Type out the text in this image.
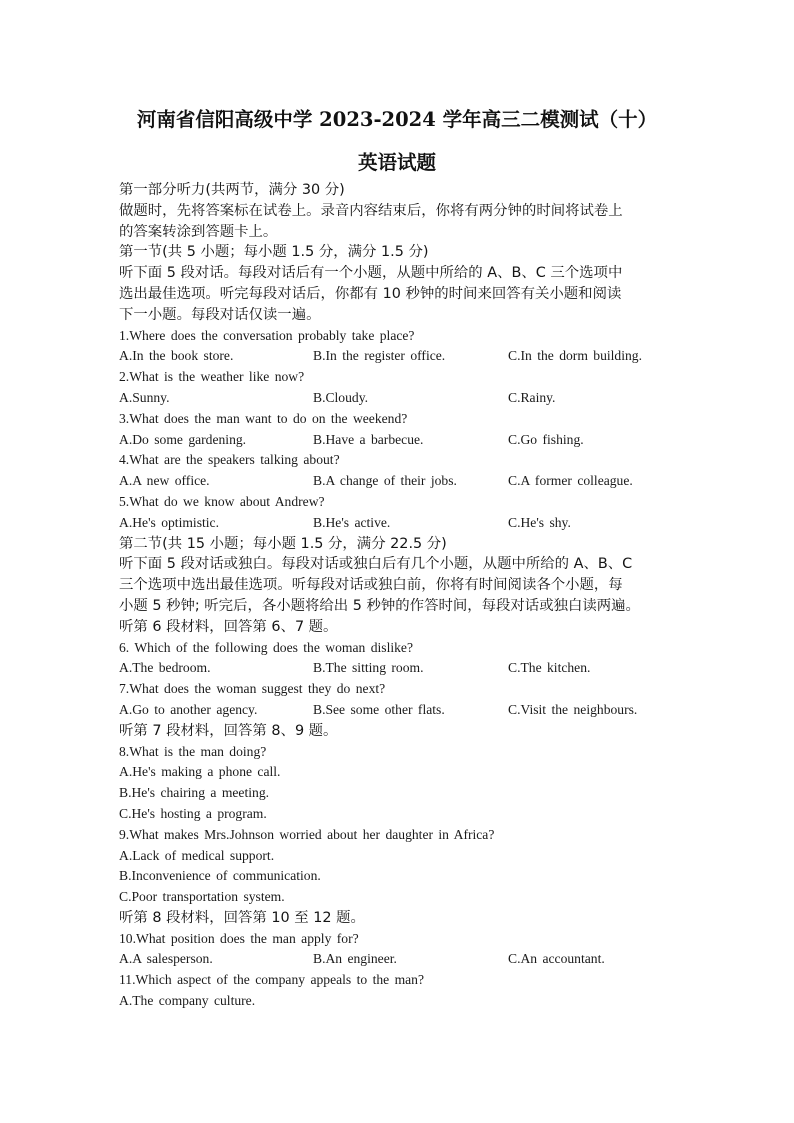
河南省信阳高级中学 2023-2024 学年高三二模测试（十）
英语试题
第一部分听力(共两节，满分 30 分)
做题时，先将答案标在试卷上。录音内容结束后，你将有两分钟的时间将试卷上
的答案转涂到答题卡上。
第一节(共 5 小题；每小题 1.5 分，满分 1.5 分)
听下面 5 段对话。每段对话后有一个小题，从题中所给的 A、B、C 三个选项中
选出最佳选项。听完每段对话后，你都有 10 秒钟的时间来回答有关小题和阅读
下一小题。每段对话仅读一遍。
1.Where does the conversation probably take place?
A.In the book store.	B.In the register office.	C.In the dorm building.
2.What is the weather like now?
A.Sunny.	B.Cloudy.	C.Rainy.
3.What does the man want to do on the weekend?
A.Do some gardening.	B.Have a barbecue.	C.Go fishing.
4.What are the speakers talking about?
A.A new office.	B.A change of their jobs.	C.A former colleague.
5.What do we know about Andrew?
A.He's optimistic.	B.He's active.	C.He's shy.
第二节(共 15 小题；每小题 1.5 分，满分 22.5 分)
听下面 5 段对话或独白。每段对话或独白后有几个小题，从题中所给的 A、B、C
三个选项中选出最佳选项。听每段对话或独白前，你将有时间阅读各个小题，每
小题 5 秒钟; 听完后，各小题将给出 5 秒钟的作答时间，每段对话或独白读两遍。
听第 6 段材料，回答第 6、7 题。
6. Which of the following does the woman dislike?
A.The bedroom.	B.The sitting room.	C.The kitchen.
7.What does the woman suggest they do next?
A.Go to another agency.	B.See some other flats.	C.Visit the neighbours.
听第 7 段材料，回答第 8、9 题。
8.What is the man doing?
A.He's making a phone call.
B.He's chairing a meeting.
C.He's hosting a program.
9.What makes Mrs.Johnson worried about her daughter in Africa?
A.Lack of medical support.
B.Inconvenience of communication.
C.Poor transportation system.
听第 8 段材料，回答第 10 至 12 题。
10.What position does the man apply for?
A.A salesperson.	B.An engineer.	C.An accountant.
11.Which aspect of the company appeals to the man?
A.The company culture.
